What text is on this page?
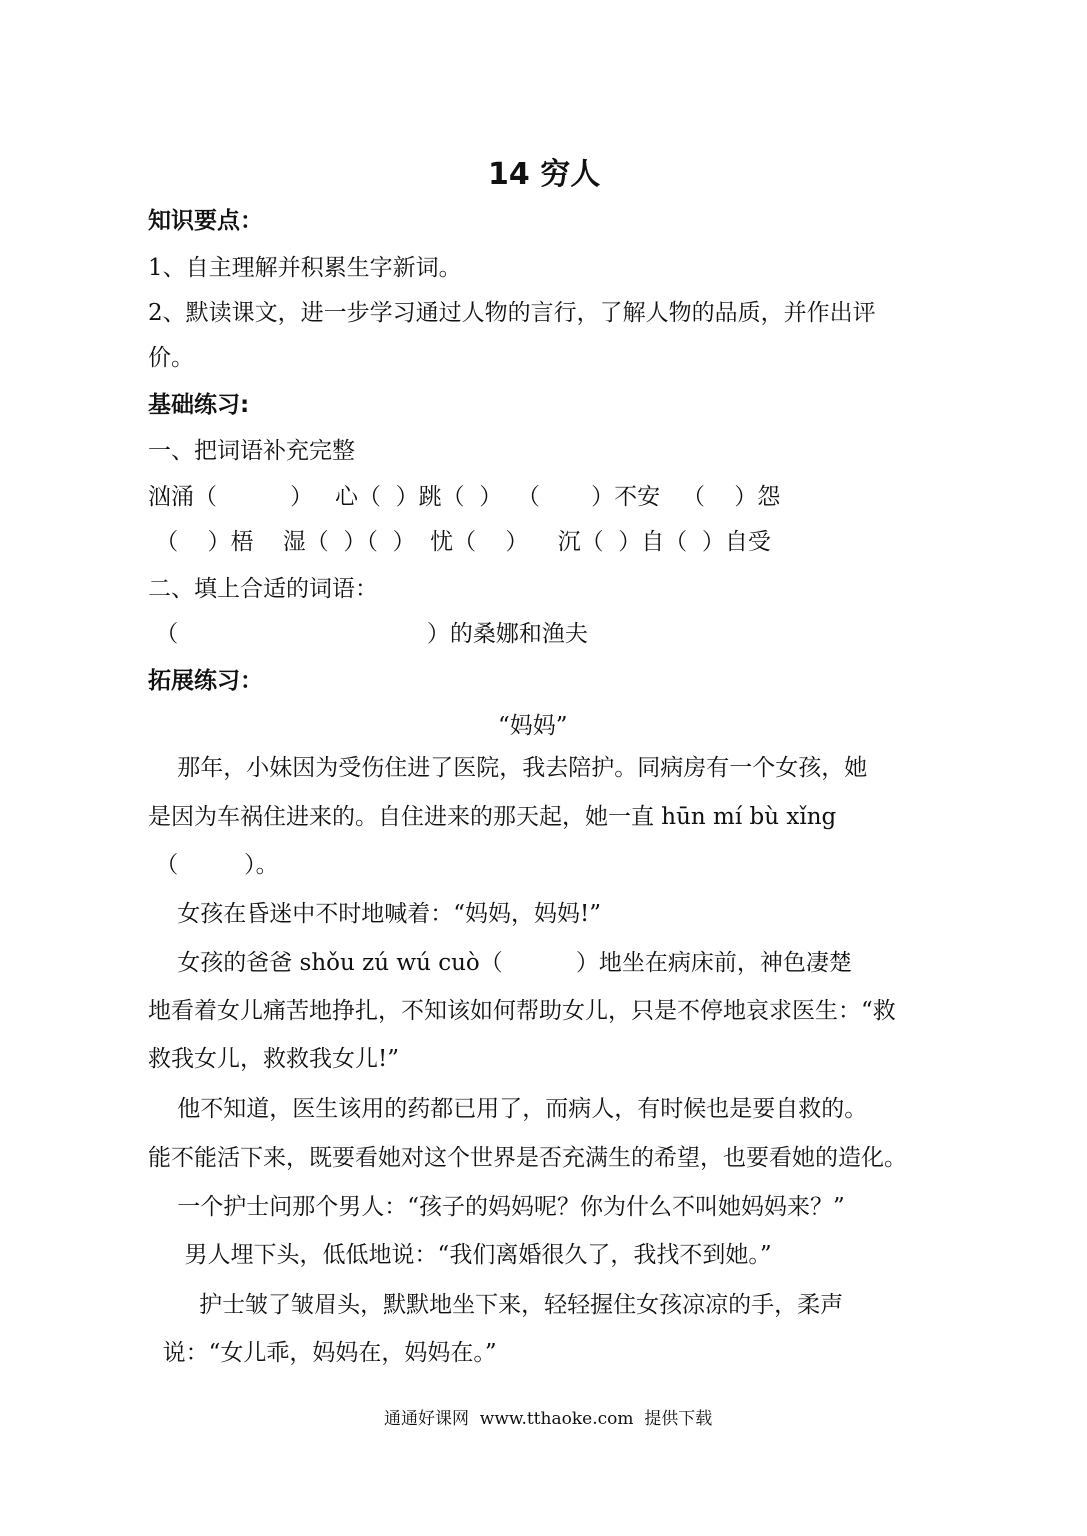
14 穷人
知识要点：
1、自主理解并积累生字新词。
2、默读课文，进一步学习通过人物的言行，了解人物的品质，并作出评
价。
基础练习:
一、把词语补充完整
汹涌（          ）   心（  ）跳（  ）  （       ）不安   （    ）怨
（    ）梧    湿（  ）（  ）  忧（    ）    沉（  ）自（  ）自受
二、填上合适的词语：
（                                  ）的桑娜和渔夫
拓展练习：
“妈妈”
那年，小妹因为受伤住进了医院，我去陪护。同病房有一个女孩，她
是因为车祸住进来的。自住进来的那天起，她一直 hūn mí bù xǐng
（         ）。
女孩在昏迷中不时地喊着：“妈妈，妈妈!”
女孩的爸爸 shǒu zú wú cuò（          ）地坐在病床前，神色凄楚
地看着女儿痛苦地挣扎，不知该如何帮助女儿，只是不停地哀求医生：“救
救我女儿，救救我女儿!”
他不知道，医生该用的药都已用了，而病人，有时候也是要自救的。
能不能活下来，既要看她对这个世界是否充满生的希望，也要看她的造化。
一个护士问那个男人：“孩子的妈妈呢？你为什么不叫她妈妈来？”
男人埋下头，低低地说：“我们离婚很久了，我找不到她。”
护士皱了皱眉头，默默地坐下来，轻轻握住女孩凉凉的手，柔声
说：“女儿乖，妈妈在，妈妈在。”
通通好课网  www.tthaoke.com  提供下载
